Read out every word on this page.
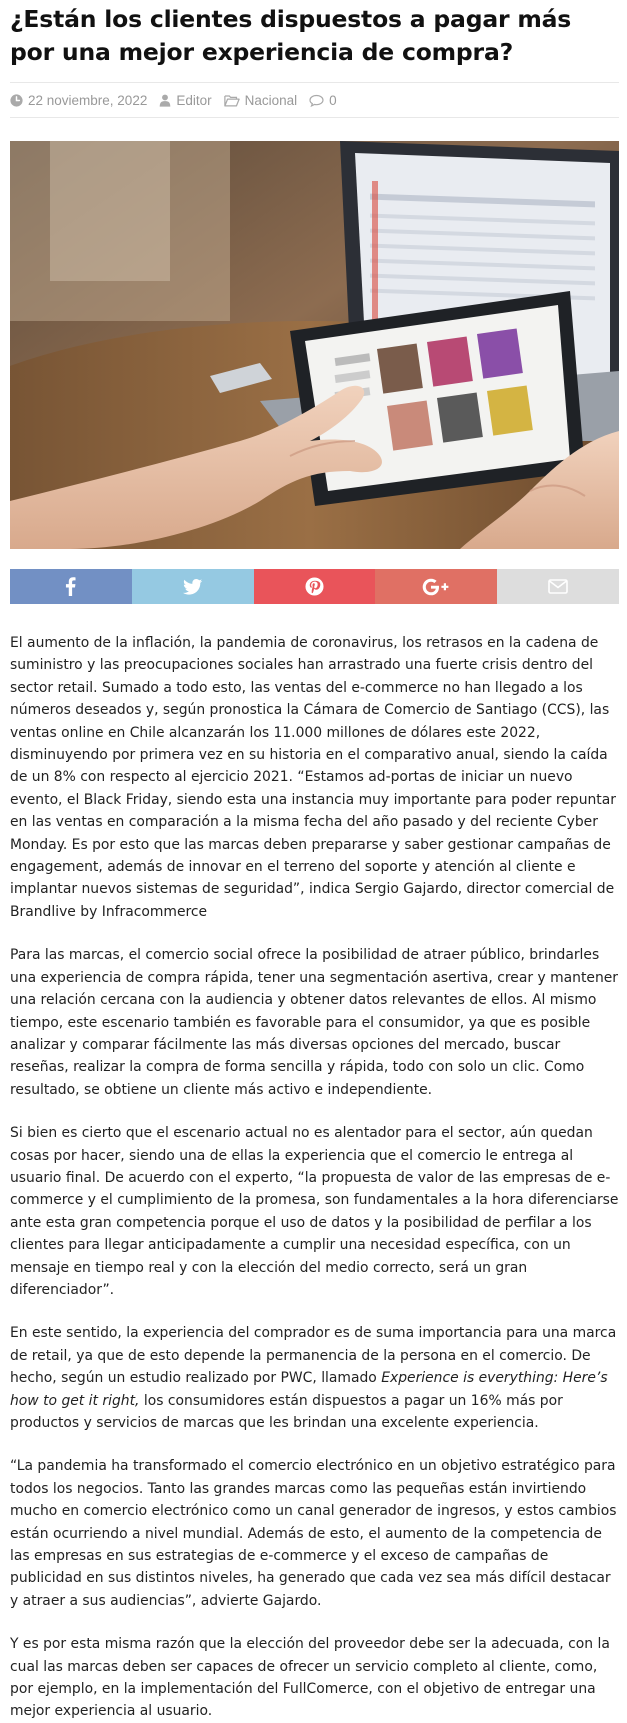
¿Están los clientes dispuestos a pagar más por una mejor experiencia de compra?
22 noviembre, 2022 Editor Nacional 0

El aumento de la inflación, la pandemia de coronavirus, los retrasos en la cadena de suministro y las preocupaciones sociales han arrastrado una fuerte crisis dentro del sector retail. Sumado a todo esto, las ventas del e-commerce no han llegado a los números deseados y, según pronostica la Cámara de Comercio de Santiago (CCS), las ventas online en Chile alcanzarán los 11.000 millones de dólares este 2022, disminuyendo por primera vez en su historia en el comparativo anual, siendo la caída de un 8% con respecto al ejercicio 2021. “Estamos ad-portas de iniciar un nuevo evento, el Black Friday, siendo esta una instancia muy importante para poder repuntar en las ventas en comparación a la misma fecha del año pasado y del reciente Cyber Monday. Es por esto que las marcas deben prepararse y saber gestionar campañas de engagement, además de innovar en el terreno del soporte y atención al cliente e implantar nuevos sistemas de seguridad”, indica Sergio Gajardo, director comercial de Brandlive by Infracommerce

Para las marcas, el comercio social ofrece la posibilidad de atraer público, brindarles una experiencia de compra rápida, tener una segmentación asertiva, crear y mantener una relación cercana con la audiencia y obtener datos relevantes de ellos. Al mismo tiempo, este escenario también es favorable para el consumidor, ya que es posible analizar y comparar fácilmente las más diversas opciones del mercado, buscar reseñas, realizar la compra de forma sencilla y rápida, todo con solo un clic. Como resultado, se obtiene un cliente más activo e independiente.

Si bien es cierto que el escenario actual no es alentador para el sector, aún quedan cosas por hacer, siendo una de ellas la experiencia que el comercio le entrega al usuario final. De acuerdo con el experto, “la propuesta de valor de las empresas de e-commerce y el cumplimiento de la promesa, son fundamentales a la hora diferenciarse ante esta gran competencia porque el uso de datos y la posibilidad de perfilar a los clientes para llegar anticipadamente a cumplir una necesidad específica, con un mensaje en tiempo real y con la elección del medio correcto, será un gran diferenciador”.

En este sentido, la experiencia del comprador es de suma importancia para una marca de retail, ya que de esto depende la permanencia de la persona en el comercio. De hecho, según un estudio realizado por PWC, llamado Experience is everything: Here’s how to get it right, los consumidores están dispuestos a pagar un 16% más por productos y servicios de marcas que les brindan una excelente experiencia.

“La pandemia ha transformado el comercio electrónico en un objetivo estratégico para todos los negocios. Tanto las grandes marcas como las pequeñas están invirtiendo mucho en comercio electrónico como un canal generador de ingresos, y estos cambios están ocurriendo a nivel mundial. Además de esto, el aumento de la competencia de las empresas en sus estrategias de e-commerce y el exceso de campañas de publicidad en sus distintos niveles, ha generado que cada vez sea más difícil destacar y atraer a sus audiencias”, advierte Gajardo.

Y es por esta misma razón que la elección del proveedor debe ser la adecuada, con la cual las marcas deben ser capaces de ofrecer un servicio completo al cliente, como, por ejemplo, en la implementación del FullComerce, con el objetivo de entregar una mejor experiencia al usuario.
